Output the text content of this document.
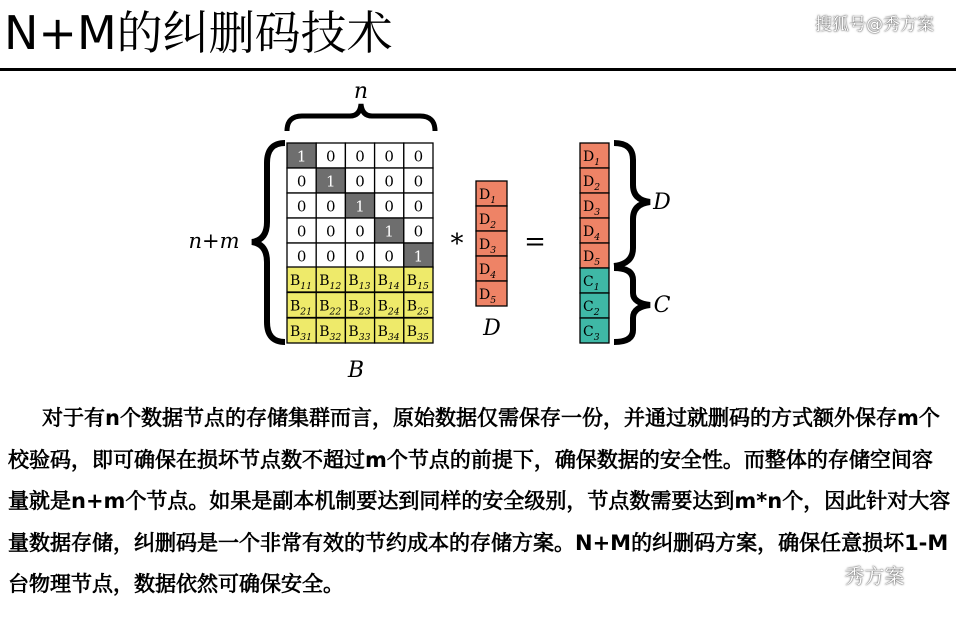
N+M的纠删码技术	搜狐号@秀方案
n
n+m
1 0 0 0 0
0 1 0 0 0
0 0 1 0 0
0 0 0 1 0
0 0 0 0 1
$B_{11}$ $B_{12}$ $B_{13}$ $B_{14}$ $B_{15}$
$B_{21}$ $B_{22}$ $B_{23}$ $B_{24}$ $B_{25}$
$B_{31}$ $B_{32}$ $B_{33}$ $B_{34}$ $B_{35}$
B
*
$D_1$
$D_2$
$D_3$
$D_4$
$D_5$
D
=
$D_1$
$D_2$
$D_3$
$D_4$
$D_5$
$C_1$
$C_2$
$C_3$
D
C
对于有n个数据节点的存储集群而言，原始数据仅需保存一份，并通过就删码的方式额外保存m个校验码，即可确保在损坏节点数不超过m个节点的前提下，确保数据的安全性。而整体的存储空间容量就是n+m个节点。如果是副本机制要达到同样的安全级别，节点数需要达到m*n个，因此针对大容量数据存储，纠删码是一个非常有效的节约成本的存储方案。N+M的纠删码方案，确保任意损坏1-M台物理节点，数据依然可确保安全。	秀方案
